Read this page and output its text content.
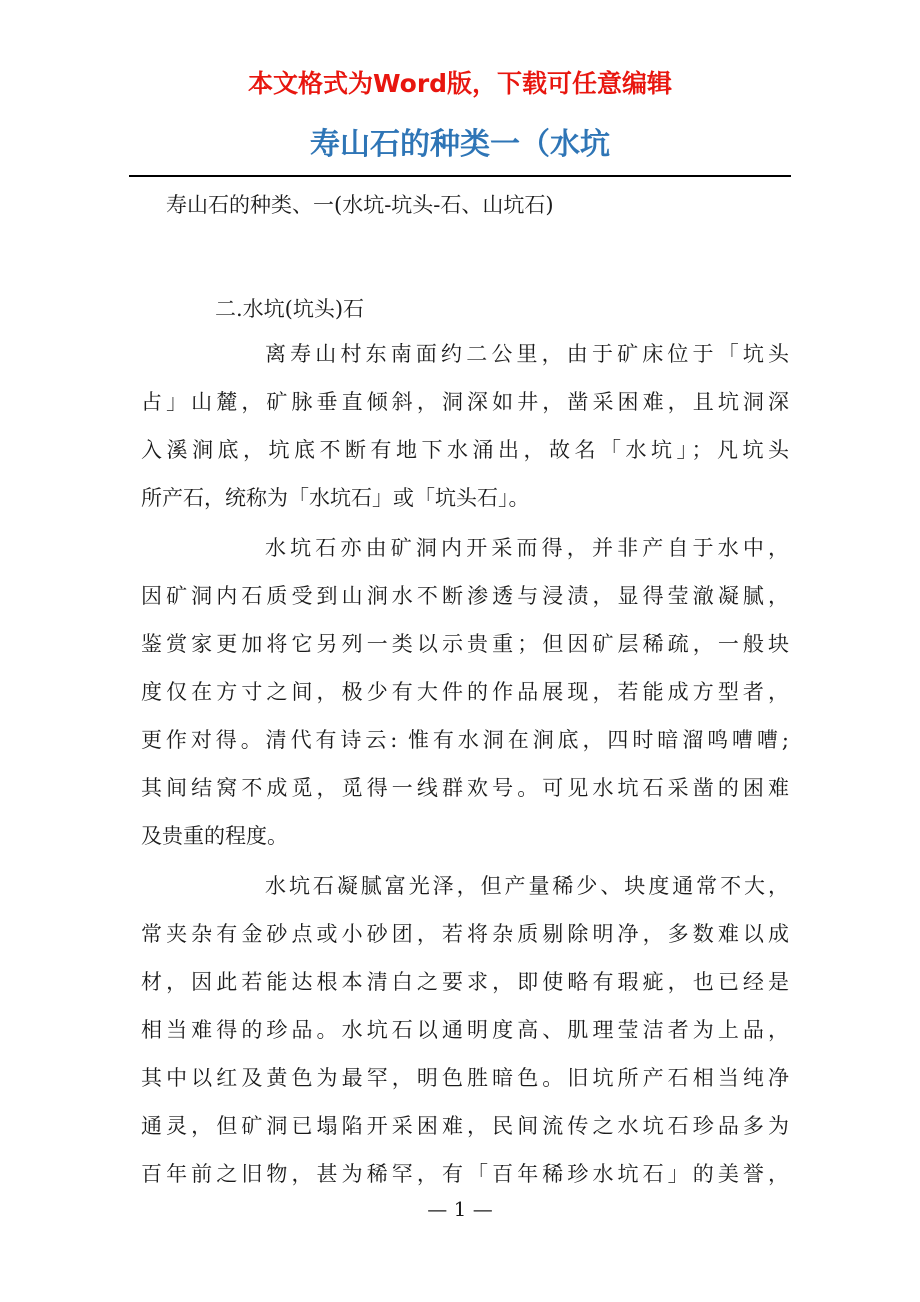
本文格式为Word版，下载可任意编辑
寿山石的种类一（水坑

寿山石的种类、一(水坑-坑头-石、山坑石)

二.水坑(坑头)石

离寿山村东南面约二公里，由于矿床位于「坑头
占」山麓，矿脉垂直倾斜，洞深如井，凿采困难，且坑洞深
入溪涧底，坑底不断有地下水涌出，故名「水坑」；凡坑头
所产石，统称为「水坑石」或「坑头石」。

水坑石亦由矿洞内开采而得，并非产自于水中，
因矿洞内石质受到山涧水不断渗透与浸渍，显得莹澈凝腻，
鉴赏家更加将它另列一类以示贵重；但因矿层稀疏，一般块
度仅在方寸之间，极少有大件的作品展现，若能成方型者，
更作对得。清代有诗云: 惟有水洞在涧底，四时暗溜鸣嘈嘈;
其间结窝不成觅，觅得一线群欢号。可见水坑石采凿的困难
及贵重的程度。

水坑石凝腻富光泽，但产量稀少、块度通常不大，
常夹杂有金砂点或小砂团，若将杂质剔除明净，多数难以成
材，因此若能达根本清白之要求，即使略有瑕疵，也已经是
相当难得的珍品。水坑石以通明度高、肌理莹洁者为上品，
其中以红及黄色为最罕，明色胜暗色。旧坑所产石相当纯净
通灵，但矿洞已塌陷开采困难，民间流传之水坑石珍品多为
百年前之旧物，甚为稀罕，有「百年稀珍水坑石」的美誉，

— 1 —
